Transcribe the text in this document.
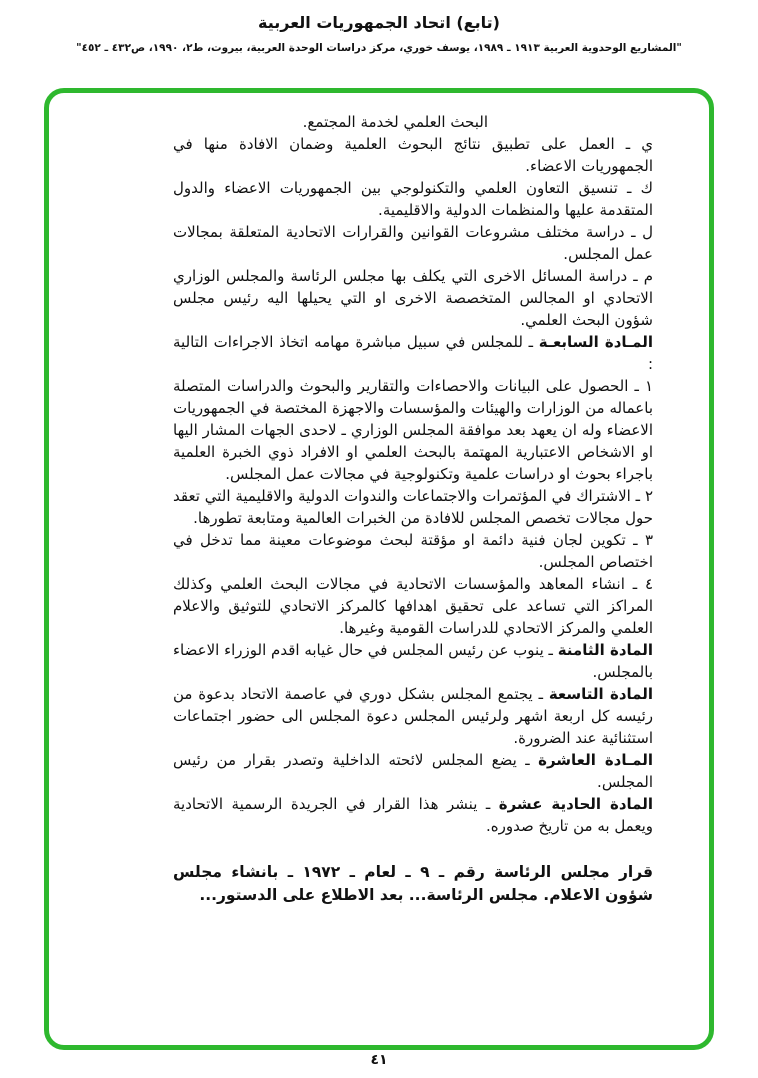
(تابع) اتحاد الجمهوريات العربية
"المشاريع الوحدوية العربية ١٩١٣ ـ ١٩٨٩، يوسف خوري، مركز دراسات الوحدة العربية، بيروت، ط٢، ١٩٩٠، ص٤٣٢ ـ ٤٥٢"

البحث العلمي لخدمة المجتمع.

ي ـ العمل على تطبيق نتائج البحوث العلمية وضمان الافادة منها في الجمهوريات الاعضاء.

ك ـ تنسيق التعاون العلمي والتكنولوجي بين الجمهوريات الاعضاء والدول المتقدمة عليها والمنظمات الدولية والاقليمية.

ل ـ دراسة مختلف مشروعات القوانين والقرارات الاتحادية المتعلقة بمجالات عمل المجلس.

م ـ دراسة المسائل الاخرى التي يكلف بها مجلس الرئاسة والمجلس الوزاري الاتحادي او المجالس المتخصصة الاخرى او التي يحيلها اليه رئيس مجلس شؤون البحث العلمي.

المـادة السابعـة ـ للمجلس في سبيل مباشرة مهامه اتخاذ الاجراءات التالية :

١ ـ الحصول على البيانات والاحصاءات والتقارير والبحوث والدراسات المتصلة باعماله من الوزارات والهيئات والمؤسسات والاجهزة المختصة في الجمهوريات الاعضاء وله ان يعهد بعد موافقة المجلس الوزاري ـ لاحدى الجهات المشار اليها او الاشخاص الاعتبارية المهتمة بالبحث العلمي او الافراد ذوي الخبرة العلمية باجراء بحوث او دراسات علمية وتكنولوجية في مجالات عمل المجلس.

٢ ـ الاشتراك في المؤتمرات والاجتماعات والندوات الدولية والاقليمية التي تعقد حول مجالات تخصص المجلس للافادة من الخبرات العالمية ومتابعة تطورها.

٣ ـ تكوين لجان فنية دائمة او مؤقتة لبحث موضوعات معينة مما تدخل في اختصاص المجلس.

٤ ـ انشاء المعاهد والمؤسسات الاتحادية في مجالات البحث العلمي وكذلك المراكز التي تساعد على تحقيق اهدافها كالمركز الاتحادي للتوثيق والاعلام العلمي والمركز الاتحادي للدراسات القومية وغيرها.

المادة الثامنة ـ ينوب عن رئيس المجلس في حال غيابه اقدم الوزراء الاعضاء بالمجلس.

المادة التاسعة ـ يجتمع المجلس بشكل دوري في عاصمة الاتحاد بدعوة من رئيسه كل اربعة اشهر ولرئيس المجلس دعوة المجلس الى حضور اجتماعات استثنائية عند الضرورة.

المـادة العاشرة ـ يضع المجلس لائحته الداخلية وتصدر بقرار من رئيس المجلس.

المادة الحادية عشرة ـ ينشر هذا القرار في الجريدة الرسمية الاتحادية ويعمل به من تاريخ صدوره.

قرار مجلس الرئاسة رقم ـ ٩ ـ لعام ـ ١٩٧٢ ـ بانشاء مجلس شؤون الاعلام. مجلس الرئاسة... بعد الاطلاع على الدستور...

٤١
